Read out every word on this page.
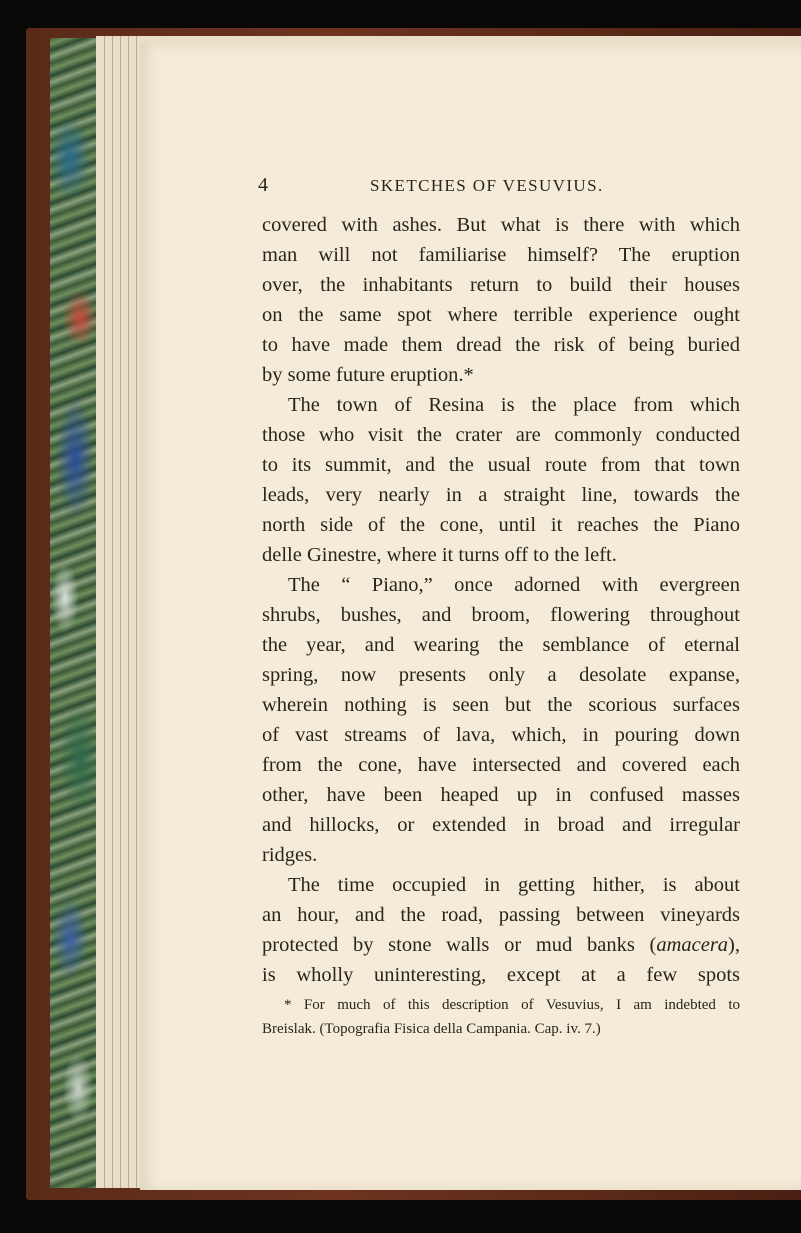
4	SKETCHES OF VESUVIUS.
covered with ashes. But what is there with which
man will not familiarise himself? The eruption
over, the inhabitants return to build their houses
on the same spot where terrible experience ought
to have made them dread the risk of being buried
by some future eruption.*
The town of Resina is the place from which
those who visit the crater are commonly conducted
to its summit, and the usual route from that town
leads, very nearly in a straight line, towards the
north side of the cone, until it reaches the Piano
delle Ginestre, where it turns off to the left.
The “ Piano,” once adorned with evergreen
shrubs, bushes, and broom, flowering throughout
the year, and wearing the semblance of eternal
spring, now presents only a desolate expanse,
wherein nothing is seen but the scorious surfaces
of vast streams of lava, which, in pouring down
from the cone, have intersected and covered each
other, have been heaped up in confused masses
and hillocks, or extended in broad and irregular
ridges.
The time occupied in getting hither, is about
an hour, and the road, passing between vineyards
protected by stone walls or mud banks (amacera),
is wholly uninteresting, except at a few spots
* For much of this description of Vesuvius, I am indebted to
Breislak. (Topografia Fisica della Campania. Cap. iv. 7.)
